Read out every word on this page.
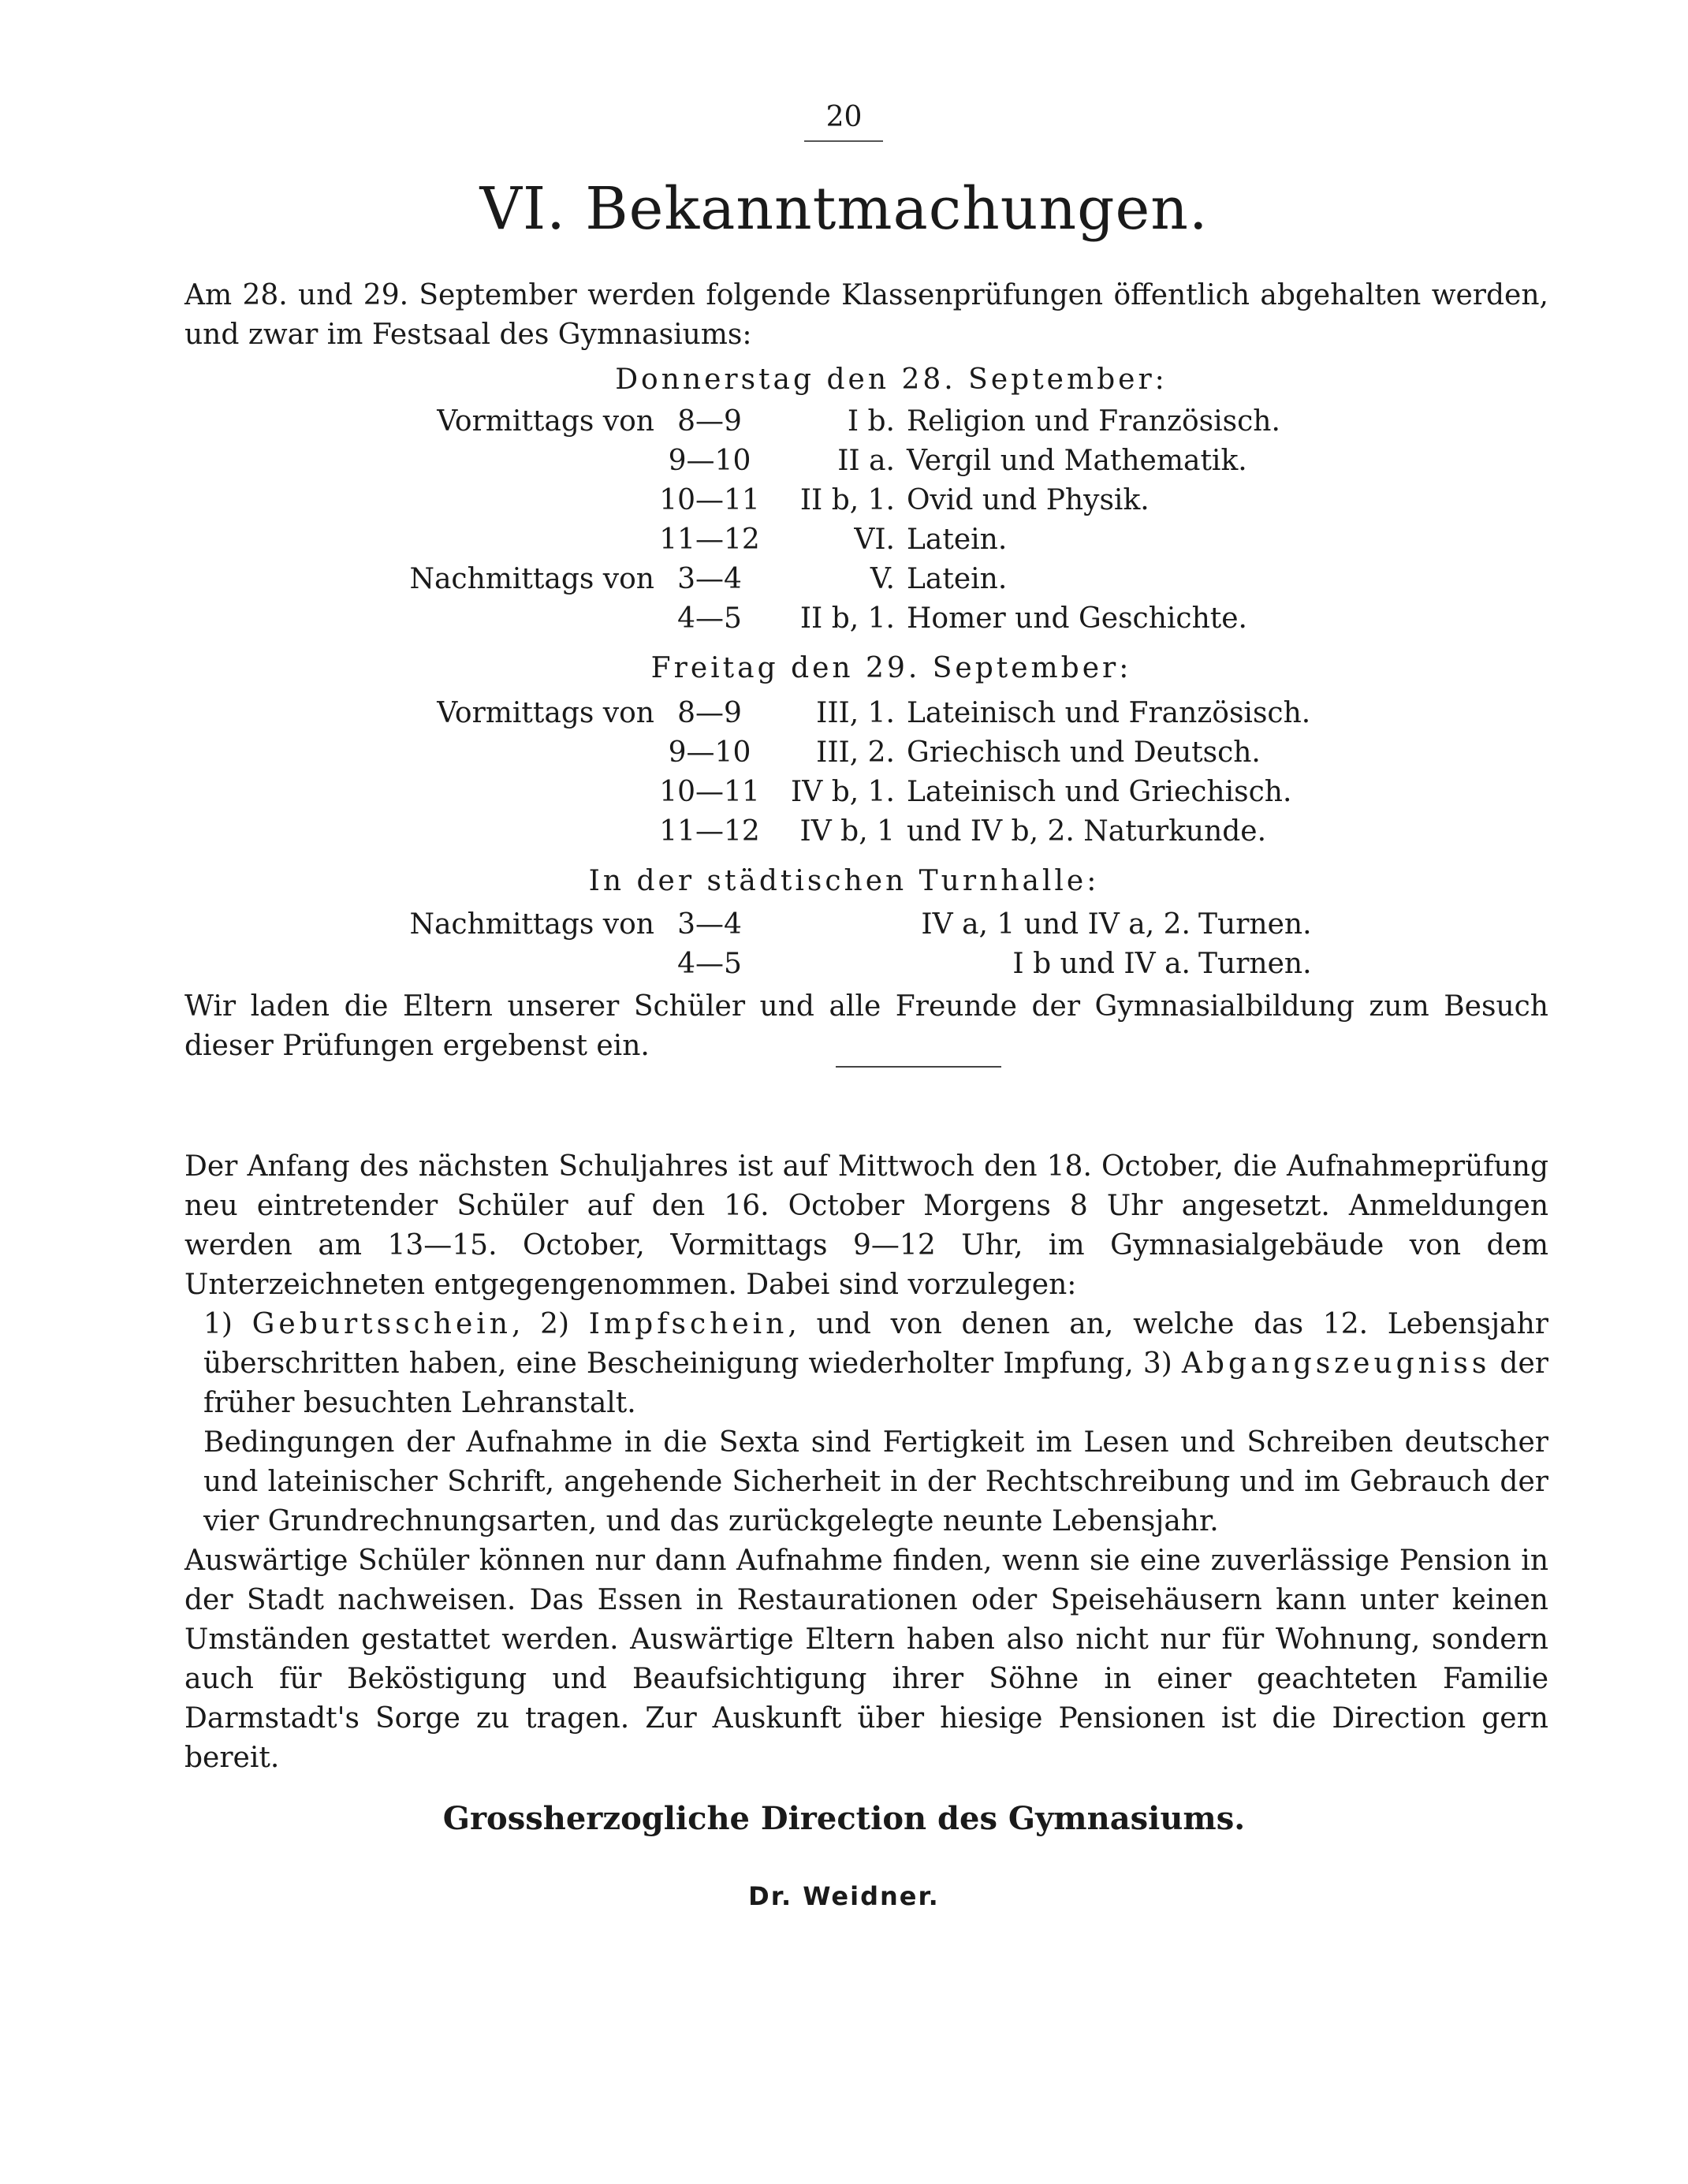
20
VI. Bekanntmachungen.

Am 28. und 29. September werden folgende Klassenprüfungen öffentlich abgehalten werden, und zwar im Festsaal des Gymnasiums:

Donnerstag den 28. September:
Vormittags von 8—9	I b. Religion und Französisch.
9—10	II a. Vergil und Mathematik.
10—11	II b, 1. Ovid und Physik.
11—12	VI. Latein.
Nachmittags von 3—4	V. Latein.
4—5	II b, 1. Homer und Geschichte.
Freitag den 29. September:
Vormittags von 8—9	III, 1. Lateinisch und Französisch.
9—10	III, 2. Griechisch und Deutsch.
10—11	IV b, 1. Lateinisch und Griechisch.
11—12	IV b, 1 und IV b, 2. Naturkunde.
In der städtischen Turnhalle:
Nachmittags von 3—4	IV a, 1 und IV a, 2. Turnen.
4—5	I b und IV a. Turnen.

Wir laden die Eltern unserer Schüler und alle Freunde der Gymnasialbildung zum Besuch dieser Prüfungen ergebenst ein.

Der Anfang des nächsten Schuljahres ist auf Mittwoch den 18. October, die Aufnahmeprüfung neu eintretender Schüler auf den 16. October Morgens 8 Uhr angesetzt. Anmeldungen werden am 13—15. October, Vormittags 9—12 Uhr, im Gymnasialgebäude von dem Unterzeichneten entgegengenommen. Dabei sind vorzulegen:

1) Geburtsschein, 2) Impfschein, und von denen an, welche das 12. Lebensjahr überschritten haben, eine Bescheinigung wiederholter Impfung, 3) Abgangszeugniss der früher besuchten Lehranstalt.

Bedingungen der Aufnahme in die Sexta sind Fertigkeit im Lesen und Schreiben deutscher und lateinischer Schrift, angehende Sicherheit in der Rechtschreibung und im Gebrauch der vier Grundrechnungsarten, und das zurückgelegte neunte Lebensjahr.

Auswärtige Schüler können nur dann Aufnahme finden, wenn sie eine zuverlässige Pension in der Stadt nachweisen. Das Essen in Restaurationen oder Speisehäusern kann unter keinen Umständen gestattet werden. Auswärtige Eltern haben also nicht nur für Wohnung, sondern auch für Beköstigung und Beaufsichtigung ihrer Söhne in einer geachteten Familie Darmstadt's Sorge zu tragen. Zur Auskunft über hiesige Pensionen ist die Direction gern bereit.

Grossherzogliche Direction des Gymnasiums.
Dr. Weidner.
